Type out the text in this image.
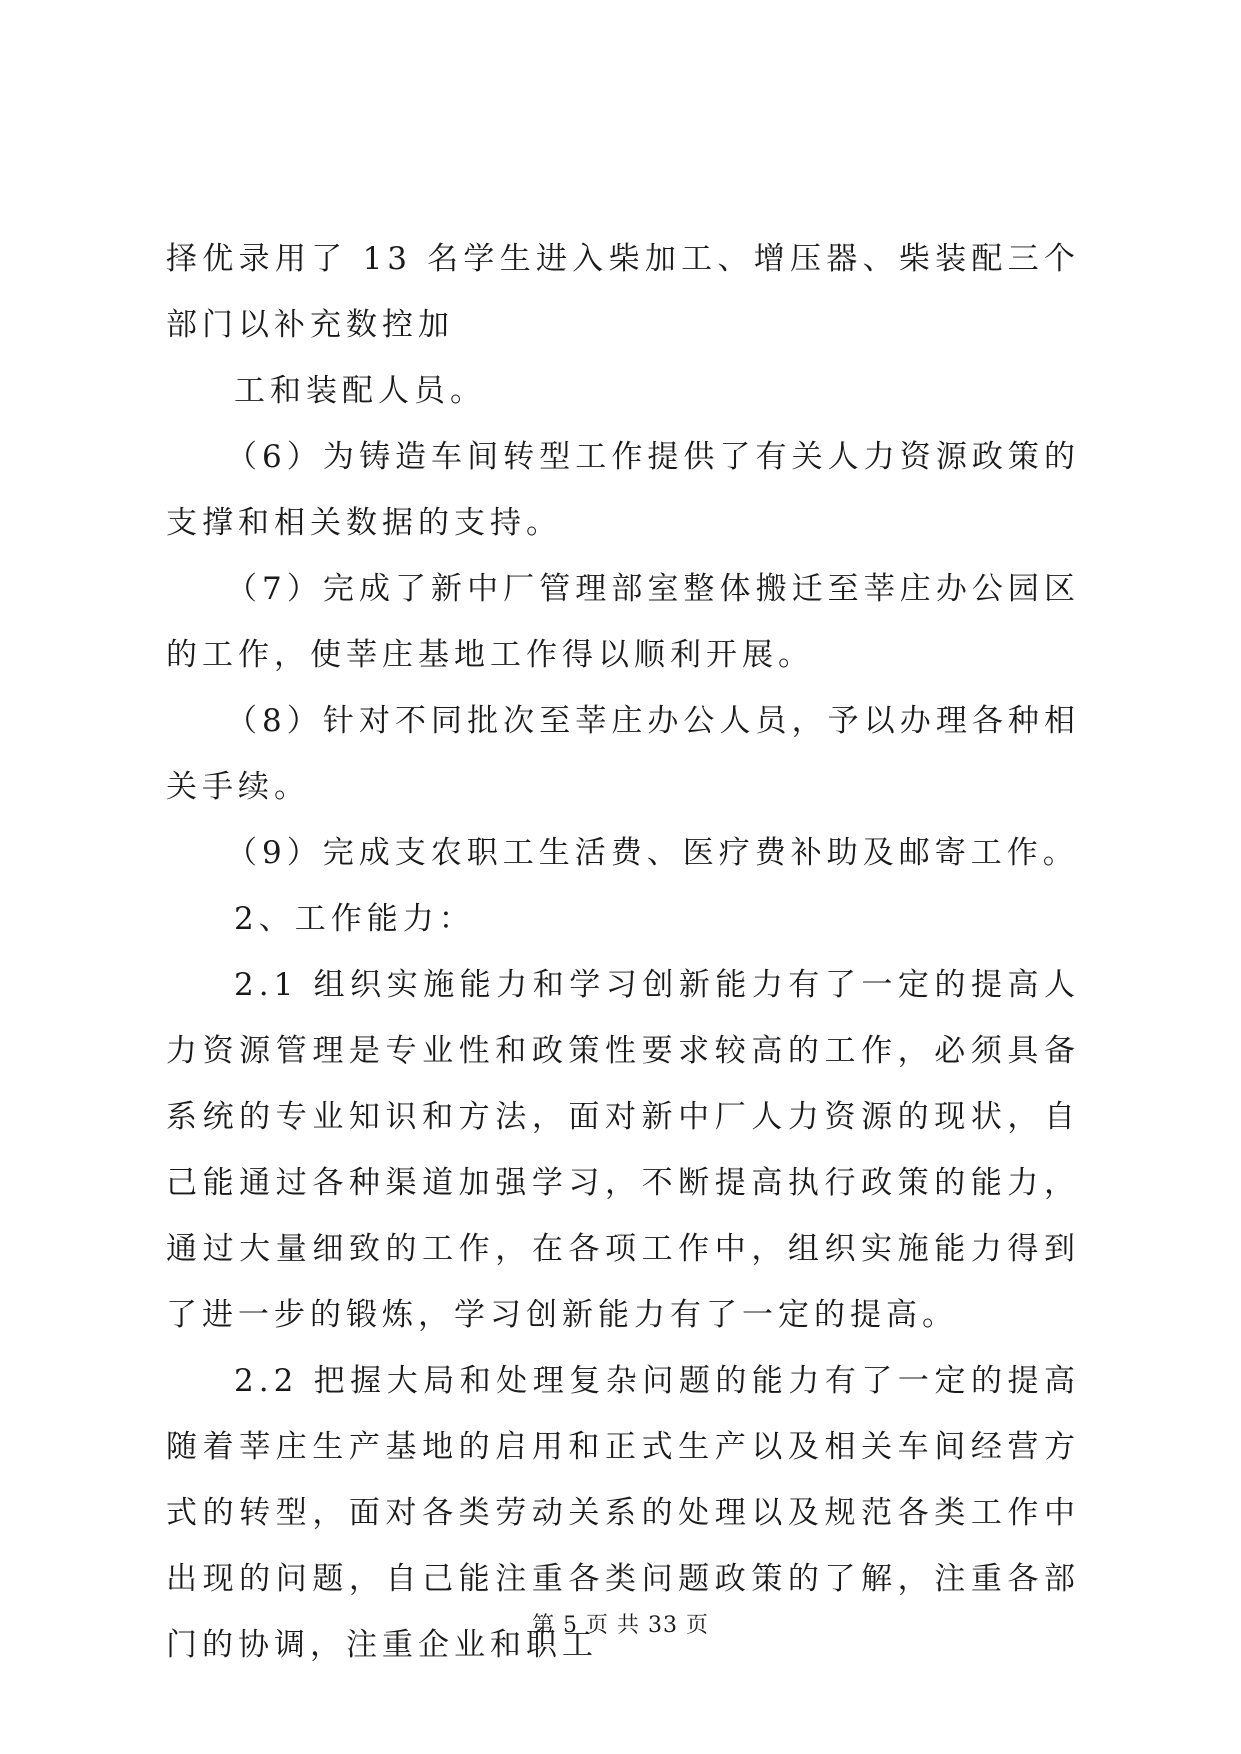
择优录用了 13 名学生进入柴加工、增压器、柴装配三个部门以补充数控加

工和装配人员。

（6）为铸造车间转型工作提供了有关人力资源政策的支撑和相关数据的支持。

（7）完成了新中厂管理部室整体搬迁至莘庄办公园区的工作，使莘庄基地工作得以顺利开展。

（8）针对不同批次至莘庄办公人员，予以办理各种相关手续。

（9）完成支农职工生活费、医疗费补助及邮寄工作。

2、工作能力：

2.1 组织实施能力和学习创新能力有了一定的提高人力资源管理是专业性和政策性要求较高的工作，必须具备系统的专业知识和方法，面对新中厂人力资源的现状，自己能通过各种渠道加强学习，不断提高执行政策的能力，通过大量细致的工作，在各项工作中，组织实施能力得到了进一步的锻炼，学习创新能力有了一定的提高。

2.2 把握大局和处理复杂问题的能力有了一定的提高随着莘庄生产基地的启用和正式生产以及相关车间经营方式的转型，面对各类劳动关系的处理以及规范各类工作中出现的问题，自己能注重各类问题政策的了解，注重各部门的协调，注重企业和职工

第 5 页 共 33 页
